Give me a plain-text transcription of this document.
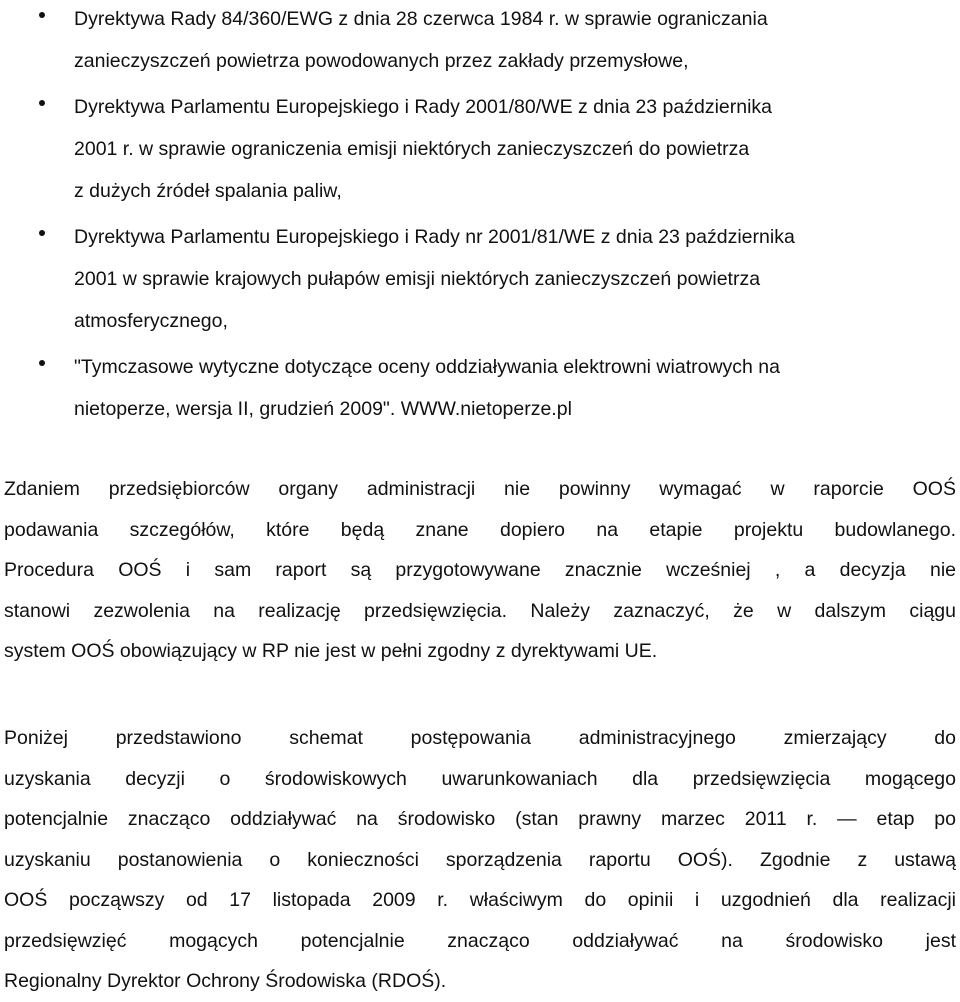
Dyrektywa Rady 84/360/EWG z dnia 28 czerwca 1984 r. w sprawie ograniczania
zanieczyszczeń powietrza powodowanych przez zakłady przemysłowe,
Dyrektywa Parlamentu Europejskiego i Rady 2001/80/WE z dnia 23 października
2001 r. w sprawie ograniczenia emisji niektórych zanieczyszczeń do powietrza
z dużych źródeł spalania paliw,
Dyrektywa Parlamentu Europejskiego i Rady nr 2001/81/WE z dnia 23 października
2001 w sprawie krajowych pułapów emisji niektórych zanieczyszczeń powietrza
atmosferycznego,
"Tymczasowe wytyczne dotyczące oceny oddziaływania elektrowni wiatrowych na
nietoperze, wersja II, grudzień 2009". WWW.nietoperze.pl
Zdaniem przedsiębiorców organy administracji nie powinny wymagać w raporcie OOŚ
podawania szczegółów, które będą znane dopiero na etapie projektu budowlanego.
Procedura OOŚ i sam raport są przygotowywane znacznie wcześniej , a decyzja nie
stanowi zezwolenia na realizację przedsięwzięcia. Należy zaznaczyć, że w dalszym ciągu
system OOŚ obowiązujący w RP nie jest w pełni zgodny z dyrektywami UE.
Poniżej przedstawiono schemat postępowania administracyjnego zmierzający do
uzyskania decyzji o środowiskowych uwarunkowaniach dla przedsięwzięcia mogącego
potencjalnie znacząco oddziaływać na środowisko (stan prawny marzec 2011 r. — etap po
uzyskaniu postanowienia o konieczności sporządzenia raportu OOŚ). Zgodnie z ustawą
OOŚ począwszy od 17 listopada 2009 r. właściwym do opinii i uzgodnień dla realizacji
przedsięwzięć mogących potencjalnie znacząco oddziaływać na środowisko jest
Regionalny Dyrektor Ochrony Środowiska (RDOŚ).
